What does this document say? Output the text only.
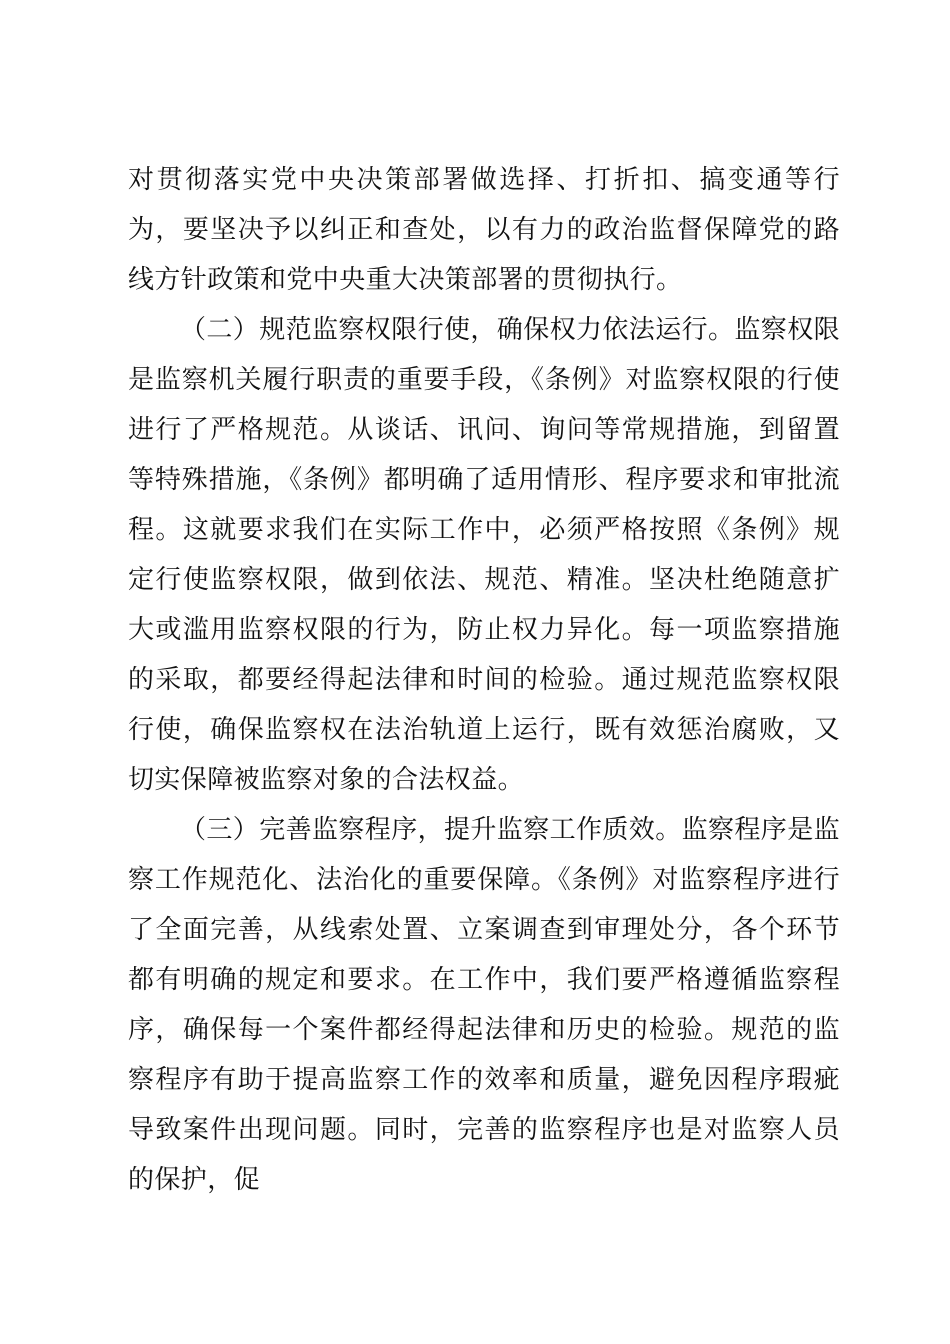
对贯彻落实党中央决策部署做选择、打折扣、搞变通等行为，要坚决予以纠正和查处，以有力的政治监督保障党的路线方针政策和党中央重大决策部署的贯彻执行。

（二）规范监察权限行使，确保权力依法运行。监察权限是监察机关履行职责的重要手段，《条例》对监察权限的行使进行了严格规范。从谈话、讯问、询问等常规措施，到留置等特殊措施，《条例》都明确了适用情形、程序要求和审批流程。这就要求我们在实际工作中，必须严格按照《条例》规定行使监察权限，做到依法、规范、精准。坚决杜绝随意扩大或滥用监察权限的行为，防止权力异化。每一项监察措施的采取，都要经得起法律和时间的检验。通过规范监察权限行使，确保监察权在法治轨道上运行，既有效惩治腐败，又切实保障被监察对象的合法权益。

（三）完善监察程序，提升监察工作质效。监察程序是监察工作规范化、法治化的重要保障。《条例》对监察程序进行了全面完善，从线索处置、立案调查到审理处分，各个环节都有明确的规定和要求。在工作中，我们要严格遵循监察程序，确保每一个案件都经得起法律和历史的检验。规范的监察程序有助于提高监察工作的效率和质量，避免因程序瑕疵导致案件出现问题。同时，完善的监察程序也是对监察人员的保护，促
